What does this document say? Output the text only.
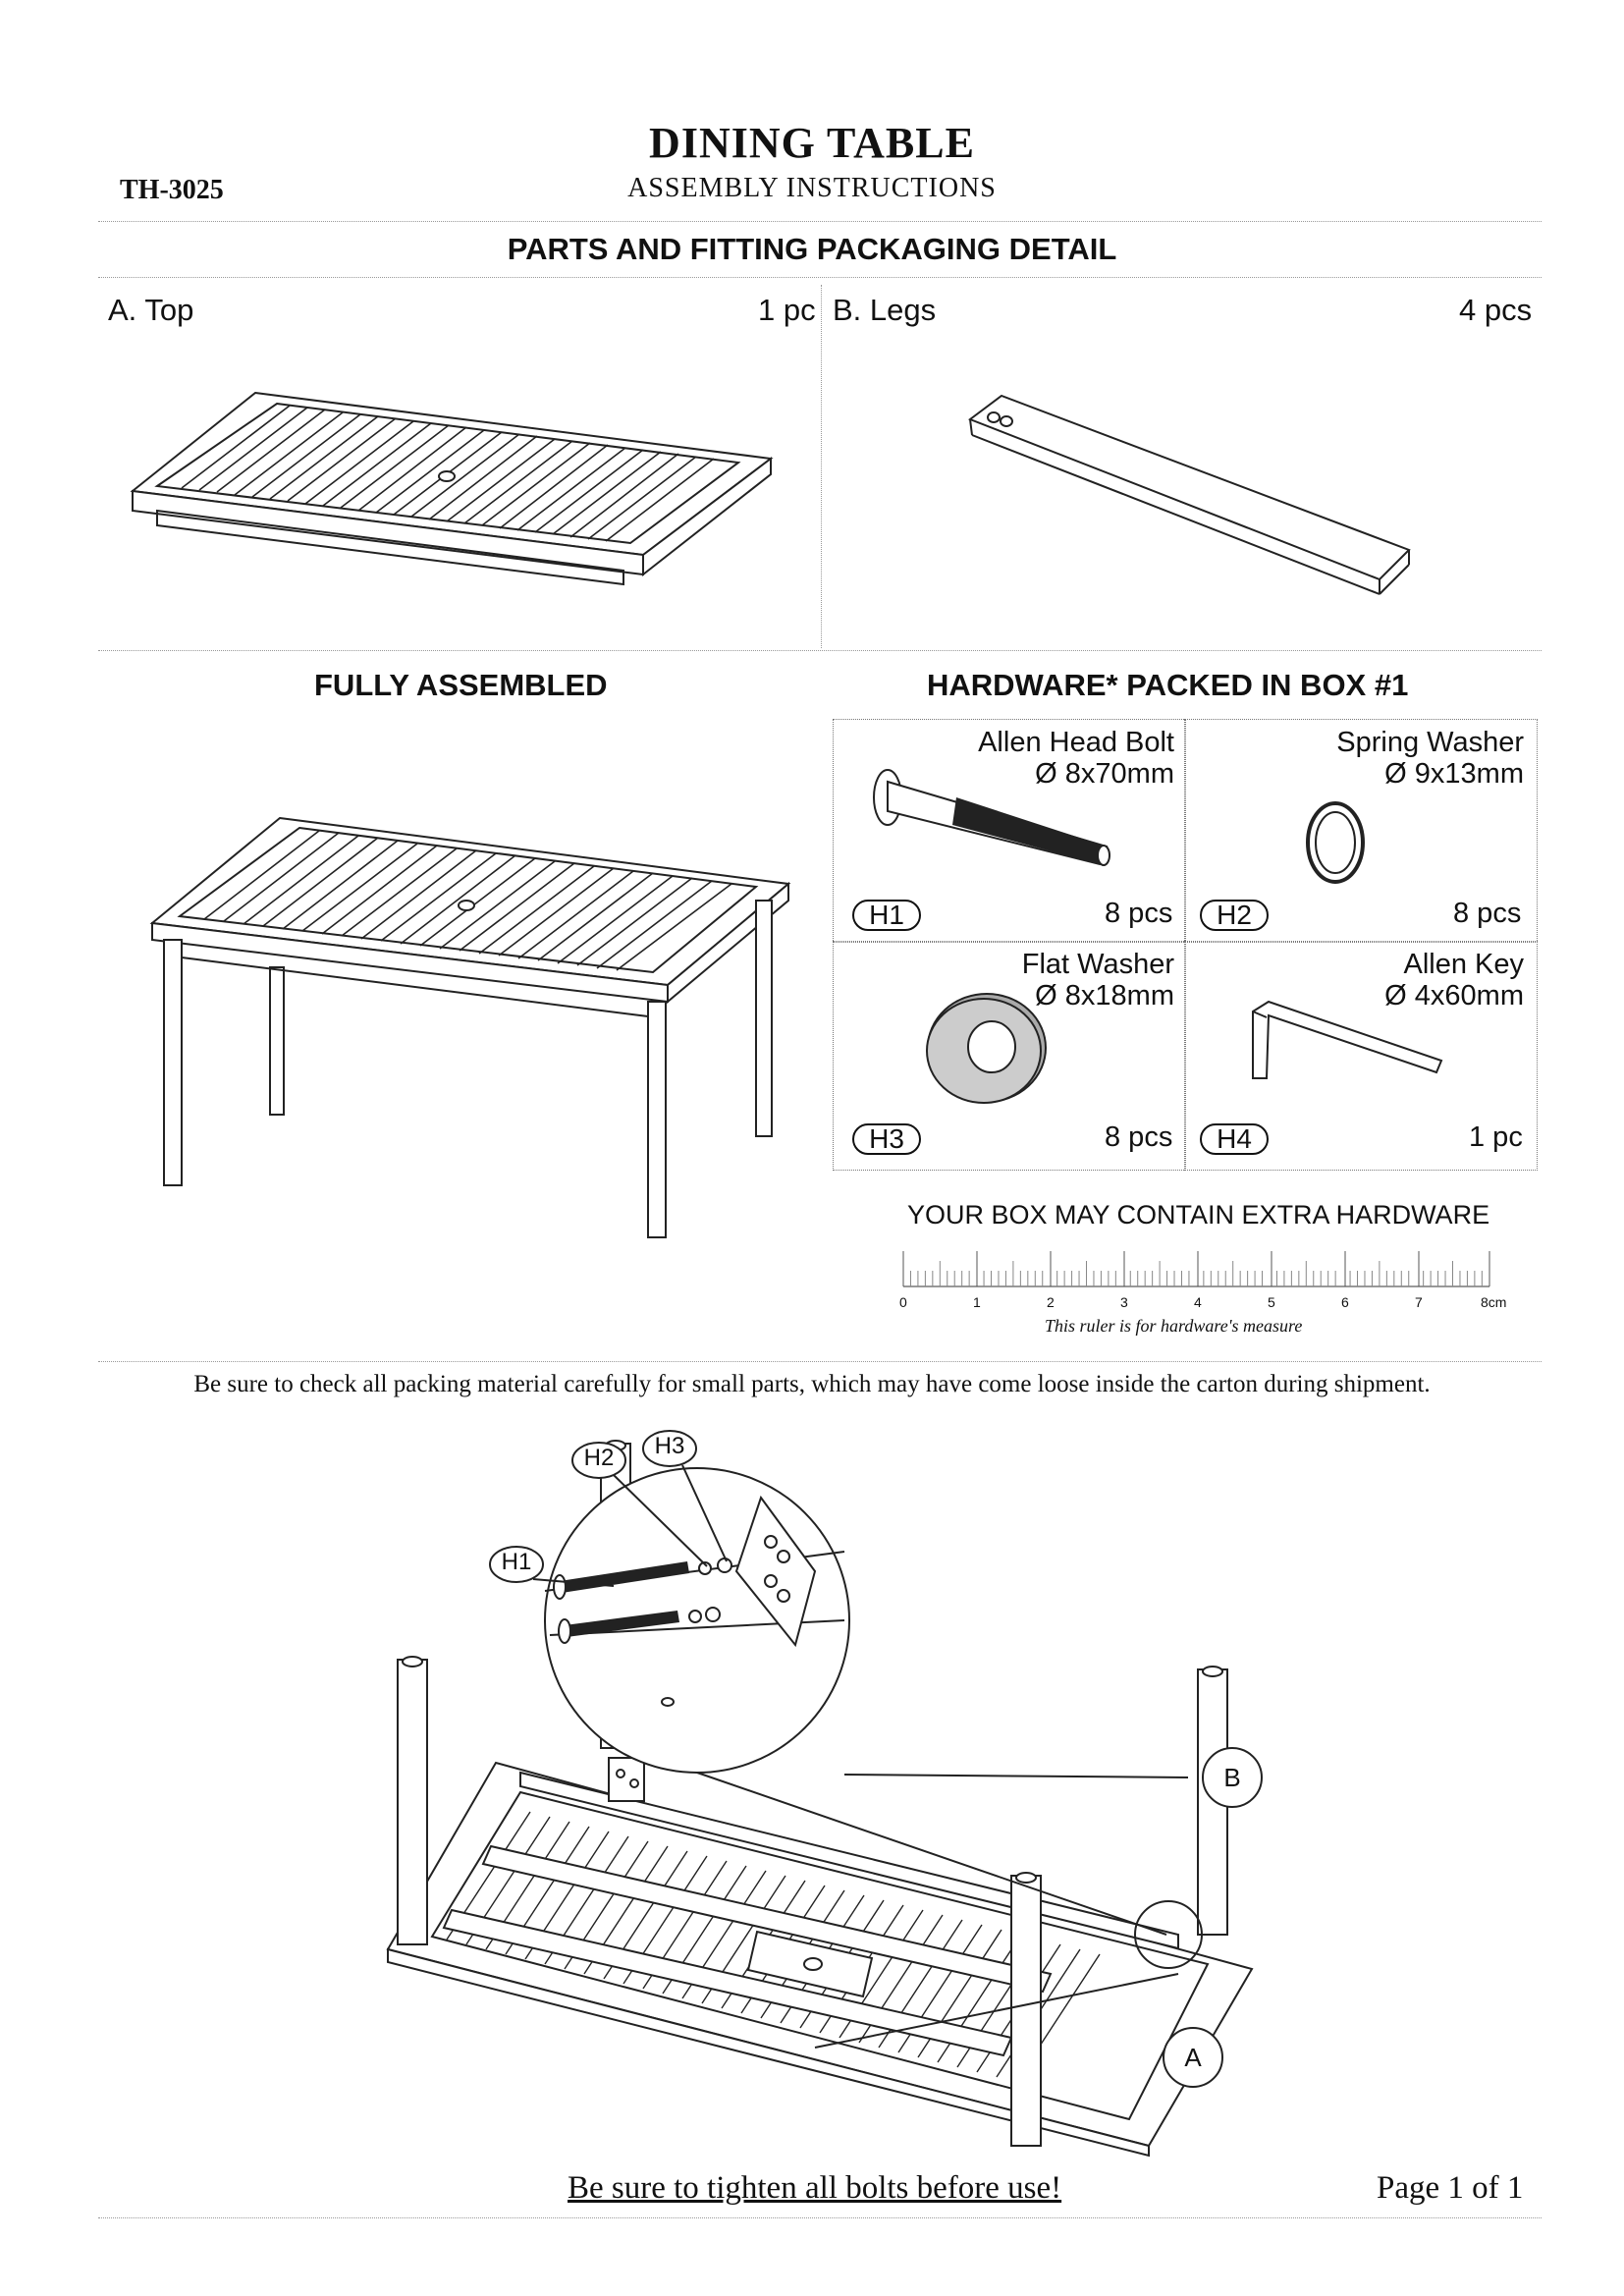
DINING TABLE
ASSEMBLY INSTRUCTIONS
TH-3025
PARTS AND FITTING PACKAGING DETAIL
A. Top	1 pc B. Legs	4 pcs
FULLY ASSEMBLED	HARDWARE* PACKED IN BOX #1
Allen Head Bolt
Ø 8x70mm
H1	8 pcs
Spring Washer
Ø 9x13mm
H2	8 pcs
Flat Washer
Ø 8x18mm
H3	8 pcs
Allen Key
Ø 4x60mm
H4	1 pc
YOUR BOX MAY CONTAIN EXTRA HARDWARE
0	1	2	3	4	5	6	7	8cm
This ruler is for hardware's measure
Be sure to check all packing material carefully for small parts, which may have come loose inside the carton during shipment.
H1
H2 H3
B
A
Be sure to tighten all bolts before use!	Page 1 of 1
